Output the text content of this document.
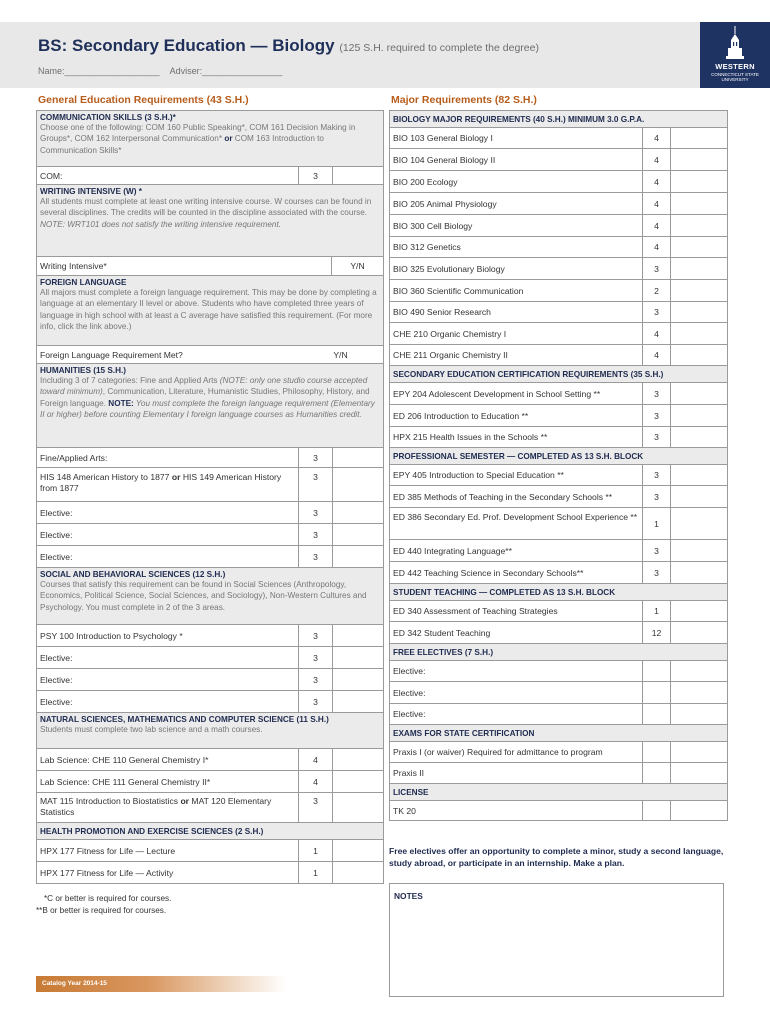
BS: Secondary Education — Biology (125 S.H. required to complete the degree)
Name:___________________ Adviser:________________	WESTERN
CONNECTICUT STATE UNIVERSITY
General Education Requirements (43 S.H.)	Major Requirements (82 S.H.)
COMMUNICATION SKILLS (3 S.H.)*
Choose one of the following: COM 160 Public Speaking*, COM 161 Decision Making in Groups*, COM 162 Interpersonal Communication* or COM 163 Introduction to Communication Skills*
COM:	3
WRITING INTENSIVE (W) *
All students must complete at least one writing intensive course. W courses can be found in several disciplines. The credits will be counted in the discipline associated with the course. NOTE: WRT101 does not satisfy the writing intensive requirement.
Writing Intensive*	Y/N
FOREIGN LANGUAGE
All majors must complete a foreign language requirement. This may be done by completing a language at an elementary II level or above. Students who have completed three years of language in high school with at least a C average have satisfied this requirement. (For more info, click the link above.)
Foreign Language Requirement Met?	Y/N
HUMANITIES (15 S.H.)
Including 3 of 7 categories: Fine and Applied Arts (NOTE: only one studio course accepted toward minimum), Communication, Literature, Humanistic Studies, Philosophy, History, and Foreign language. NOTE: You must complete the foreign language requirement (Elementary II or higher) before counting Elementary I foreign language courses as Humanities credit.
Fine/Applied Arts:	3
HIS 148 American History to 1877 or HIS 149 American History from 1877
3
Elective:	3
Elective:	3
Elective:	3
SOCIAL AND BEHAVIORAL SCIENCES (12 S.H.)
Courses that satisfy this requirement can be found in Social Sciences (Anthropology, Economics, Political Science, Social Sciences, and Sociology), Non-Western Cultures and Psychology. You must complete in 2 of the 3 areas.
PSY 100 Introduction to Psychology *	3
Elective:	3
Elective:	3
Elective:	3
NATURAL SCIENCES, MATHEMATICS AND COMPUTER SCIENCE (11 S.H.)
Students must complete two lab science and a math courses.
Lab Science: CHE 110 General Chemistry I*	4
Lab Science: CHE 111 General Chemistry II*	4
MAT 115 Introduction to Biostatistics or MAT 120 Elementary Statistics
3
HEALTH PROMOTION AND EXERCISE SCIENCES (2 S.H.)
HPX 177 Fitness for Life — Lecture	1
HPX 177 Fitness for Life — Activity	1
*C or better is required for courses.
**B or better is required for courses.
BIOLOGY MAJOR REQUIREMENTS (40 S.H.) MINIMUM 3.0 G.P.A.
BIO 103 General Biology I	4
BIO 104 General Biology II	4
BIO 200 Ecology	4
BIO 205 Animal Physiology	4
BIO 300 Cell Biology	4
BIO 312 Genetics	4
BIO 325 Evolutionary Biology	3
BIO 360 Scientific Communication	2
BIO 490 Senior Research	3
CHE 210 Organic Chemistry I	4
CHE 211 Organic Chemistry II	4
SECONDARY EDUCATION CERTIFICATION REQUIREMENTS (35 S.H.)
EPY 204 Adolescent Development in School Setting **	3
ED 206 Introduction to Education **	3
HPX 215 Health Issues in the Schools **	3
PROFESSIONAL SEMESTER — COMPLETED AS 13 S.H. BLOCK
EPY 405 Introduction to Special Education **	3
ED 385 Methods of Teaching in the Secondary Schools **	3
ED 386 Secondary Ed. Prof. Development School Experience **
1
ED 440 Integrating Language**	3
ED 442 Teaching Science in Secondary Schools**	3
STUDENT TEACHING — COMPLETED AS 13 S.H. BLOCK
ED 340 Assessment of Teaching Strategies	1
ED 342 Student Teaching	12
FREE ELECTIVES (7 S.H.)
Elective:
Elective:
Elective:
EXAMS FOR STATE CERTIFICATION
Praxis I (or waiver) Required for admittance to program
Praxis II
LICENSE
TK 20
Free electives offer an opportunity to complete a minor, study a second language, study abroad, or participate in an internship. Make a plan.
NOTES
Catalog Year 2014-15
